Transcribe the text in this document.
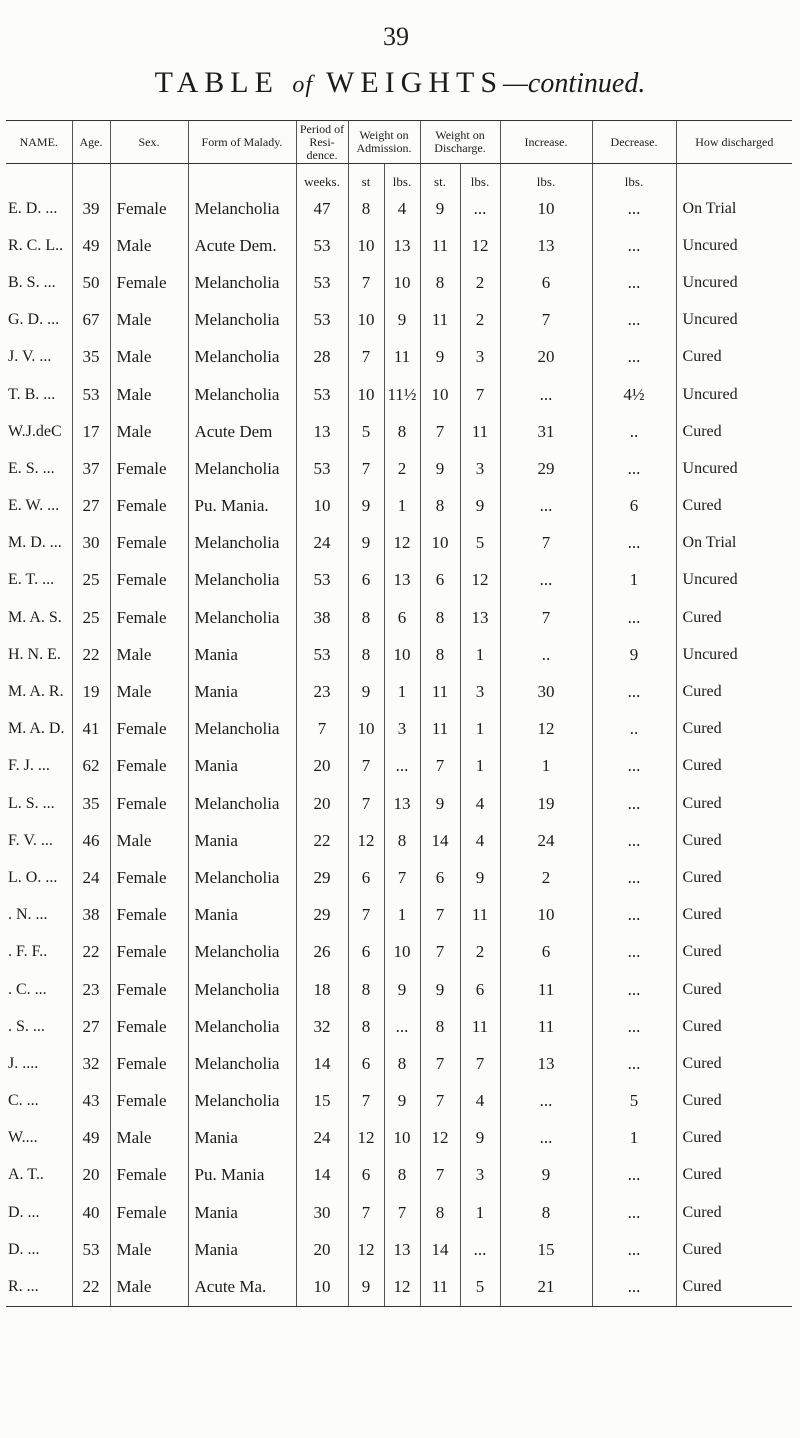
39
TABLE of WEIGHTS—continued.
NAME.	Age.	Sex.	Form of Malady.	Period of Resi- dence.	Weight on Admission.		Weight on Discharge.		Increase.	Decrease.	How discharged
				weeks.	st	lbs.	st.	lbs.	lbs.	lbs.	
E. D. ...	39	Female	Melancholia	47	8	4	9	...	10	...	On Trial
R. C. L..	49	Male	Acute Dem.	53	10	13	11	12	13	...	Uncured
B. S. ...	50	Female	Melancholia	53	7	10	8	2	6	...	Uncured
G. D. ...	67	Male	Melancholia	53	10	9	11	2	7	...	Uncured
J. V. ...	35	Male	Melancholia	28	7	11	9	3	20	...	Cured
T. B. ...	53	Male	Melancholia	53	10	11½	10	7	...	4½	Uncured
W.J.deC	17	Male	Acute Dem	13	5	8	7	11	31	..	Cured
E. S. ...	37	Female	Melancholia	53	7	2	9	3	29	...	Uncured
E. W. ...	27	Female	Pu. Mania.	10	9	1	8	9	...	6	Cured
M. D. ...	30	Female	Melancholia	24	9	12	10	5	7	...	On Trial
E. T. ...	25	Female	Melancholia	53	6	13	6	12	...	1	Uncured
M. A. S.	25	Female	Melancholia	38	8	6	8	13	7	...	Cured
H. N. E.	22	Male	Mania	53	8	10	8	1	..	9	Uncured
M. A. R.	19	Male	Mania	23	9	1	11	3	30	...	Cured
M. A. D.	41	Female	Melancholia	7	10	3	11	1	12	..	Cured
F. J. ...	62	Female	Mania	20	7	...	7	1	1	...	Cured
L. S. ...	35	Female	Melancholia	20	7	13	9	4	19	...	Cured
F. V. ...	46	Male	Mania	22	12	8	14	4	24	...	Cured
L. O. ...	24	Female	Melancholia	29	6	7	6	9	2	...	Cured
. N. ...	38	Female	Mania	29	7	1	7	11	10	...	Cured
. F. F..	22	Female	Melancholia	26	6	10	7	2	6	...	Cured
. C. ...	23	Female	Melancholia	18	8	9	9	6	11	...	Cured
. S. ...	27	Female	Melancholia	32	8	...	8	11	11	...	Cured
J. ....	32	Female	Melancholia	14	6	8	7	7	13	...	Cured
C. ...	43	Female	Melancholia	15	7	9	7	4	...	5	Cured
W....	49	Male	Mania	24	12	10	12	9	...	1	Cured
A. T..	20	Female	Pu. Mania	14	6	8	7	3	9	...	Cured
D. ...	40	Female	Mania	30	7	7	8	1	8	...	Cured
D. ...	53	Male	Mania	20	12	13	14	...	15	...	Cured
R. ...	22	Male	Acute Ma.	10	9	12	11	5	21	...	Cured
